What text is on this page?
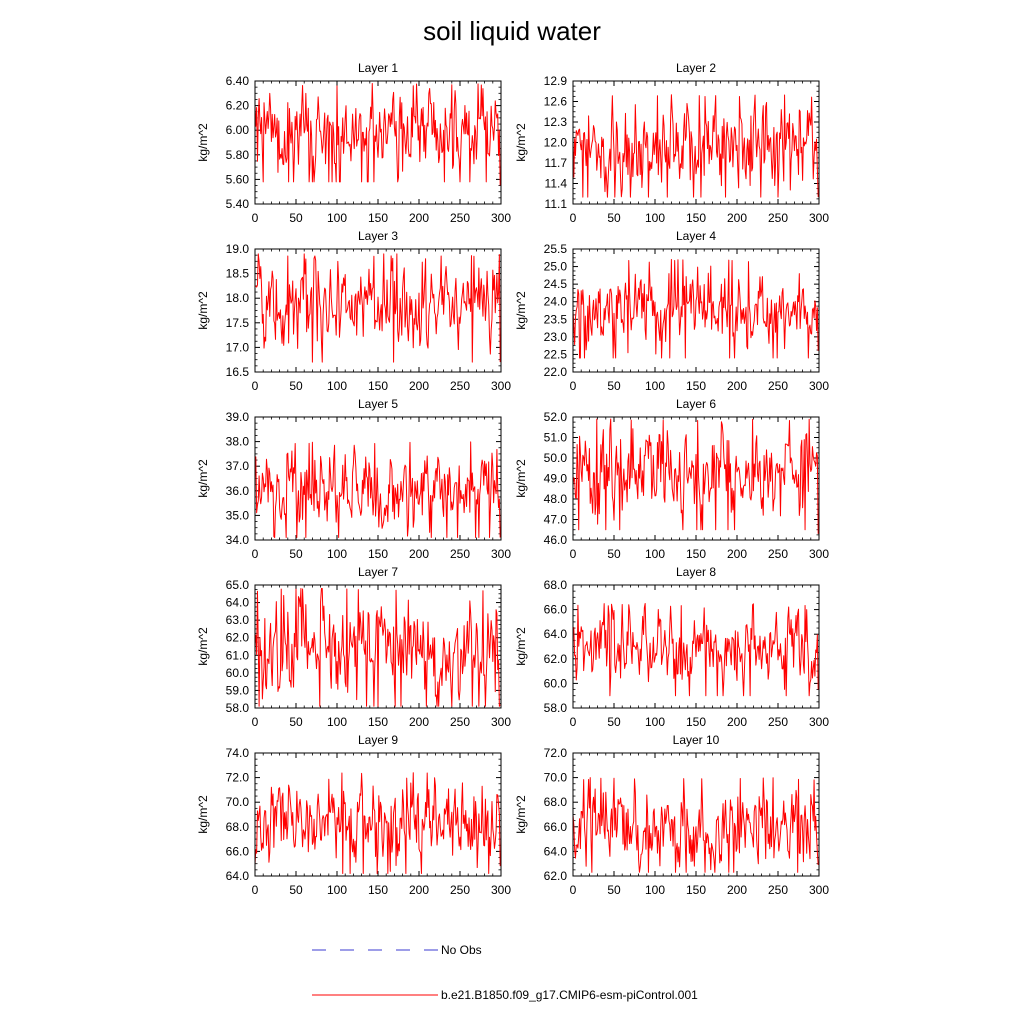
soil liquid water
Layer 1
kg/m^2
0	50 100 150 200 250 300
5.40
5.60
5.80
6.00
6.20
6.40
Layer 2
kg/m^2
0	50 100 150 200 250 300
11.1
11.4
11.7
12.0
12.3
12.6
12.9
Layer 3
kg/m^2
0	50 100 150 200 250 300
16.5
17.0
17.5
18.0
18.5
19.0
Layer 4
kg/m^2
0	50 100 150 200 250 300
22.0
22.5
23.0
23.5
24.0
24.5
25.0
25.5
Layer 5
kg/m^2
0	50 100 150 200 250 300
34.0
35.0
36.0
37.0
38.0
39.0
Layer 6
kg/m^2
0	50 100 150 200 250 300
46.0
47.0
48.0
49.0
50.0
51.0
52.0
Layer 7
kg/m^2
0	50 100 150 200 250 300
58.0
59.0
60.0
61.0
62.0
63.0
64.0
65.0
Layer 8
kg/m^2
0	50 100 150 200 250 300
58.0
60.0
62.0
64.0
66.0
68.0
Layer 9
kg/m^2
0	50 100 150 200 250 300
64.0
66.0
68.0
70.0
72.0
74.0
Layer 10
kg/m^2
0	50 100 150 200 250 300
62.0
64.0
66.0
68.0
70.0
72.0
No Obs
b.e21.B1850.f09_g17.CMIP6-esm-piControl.001
